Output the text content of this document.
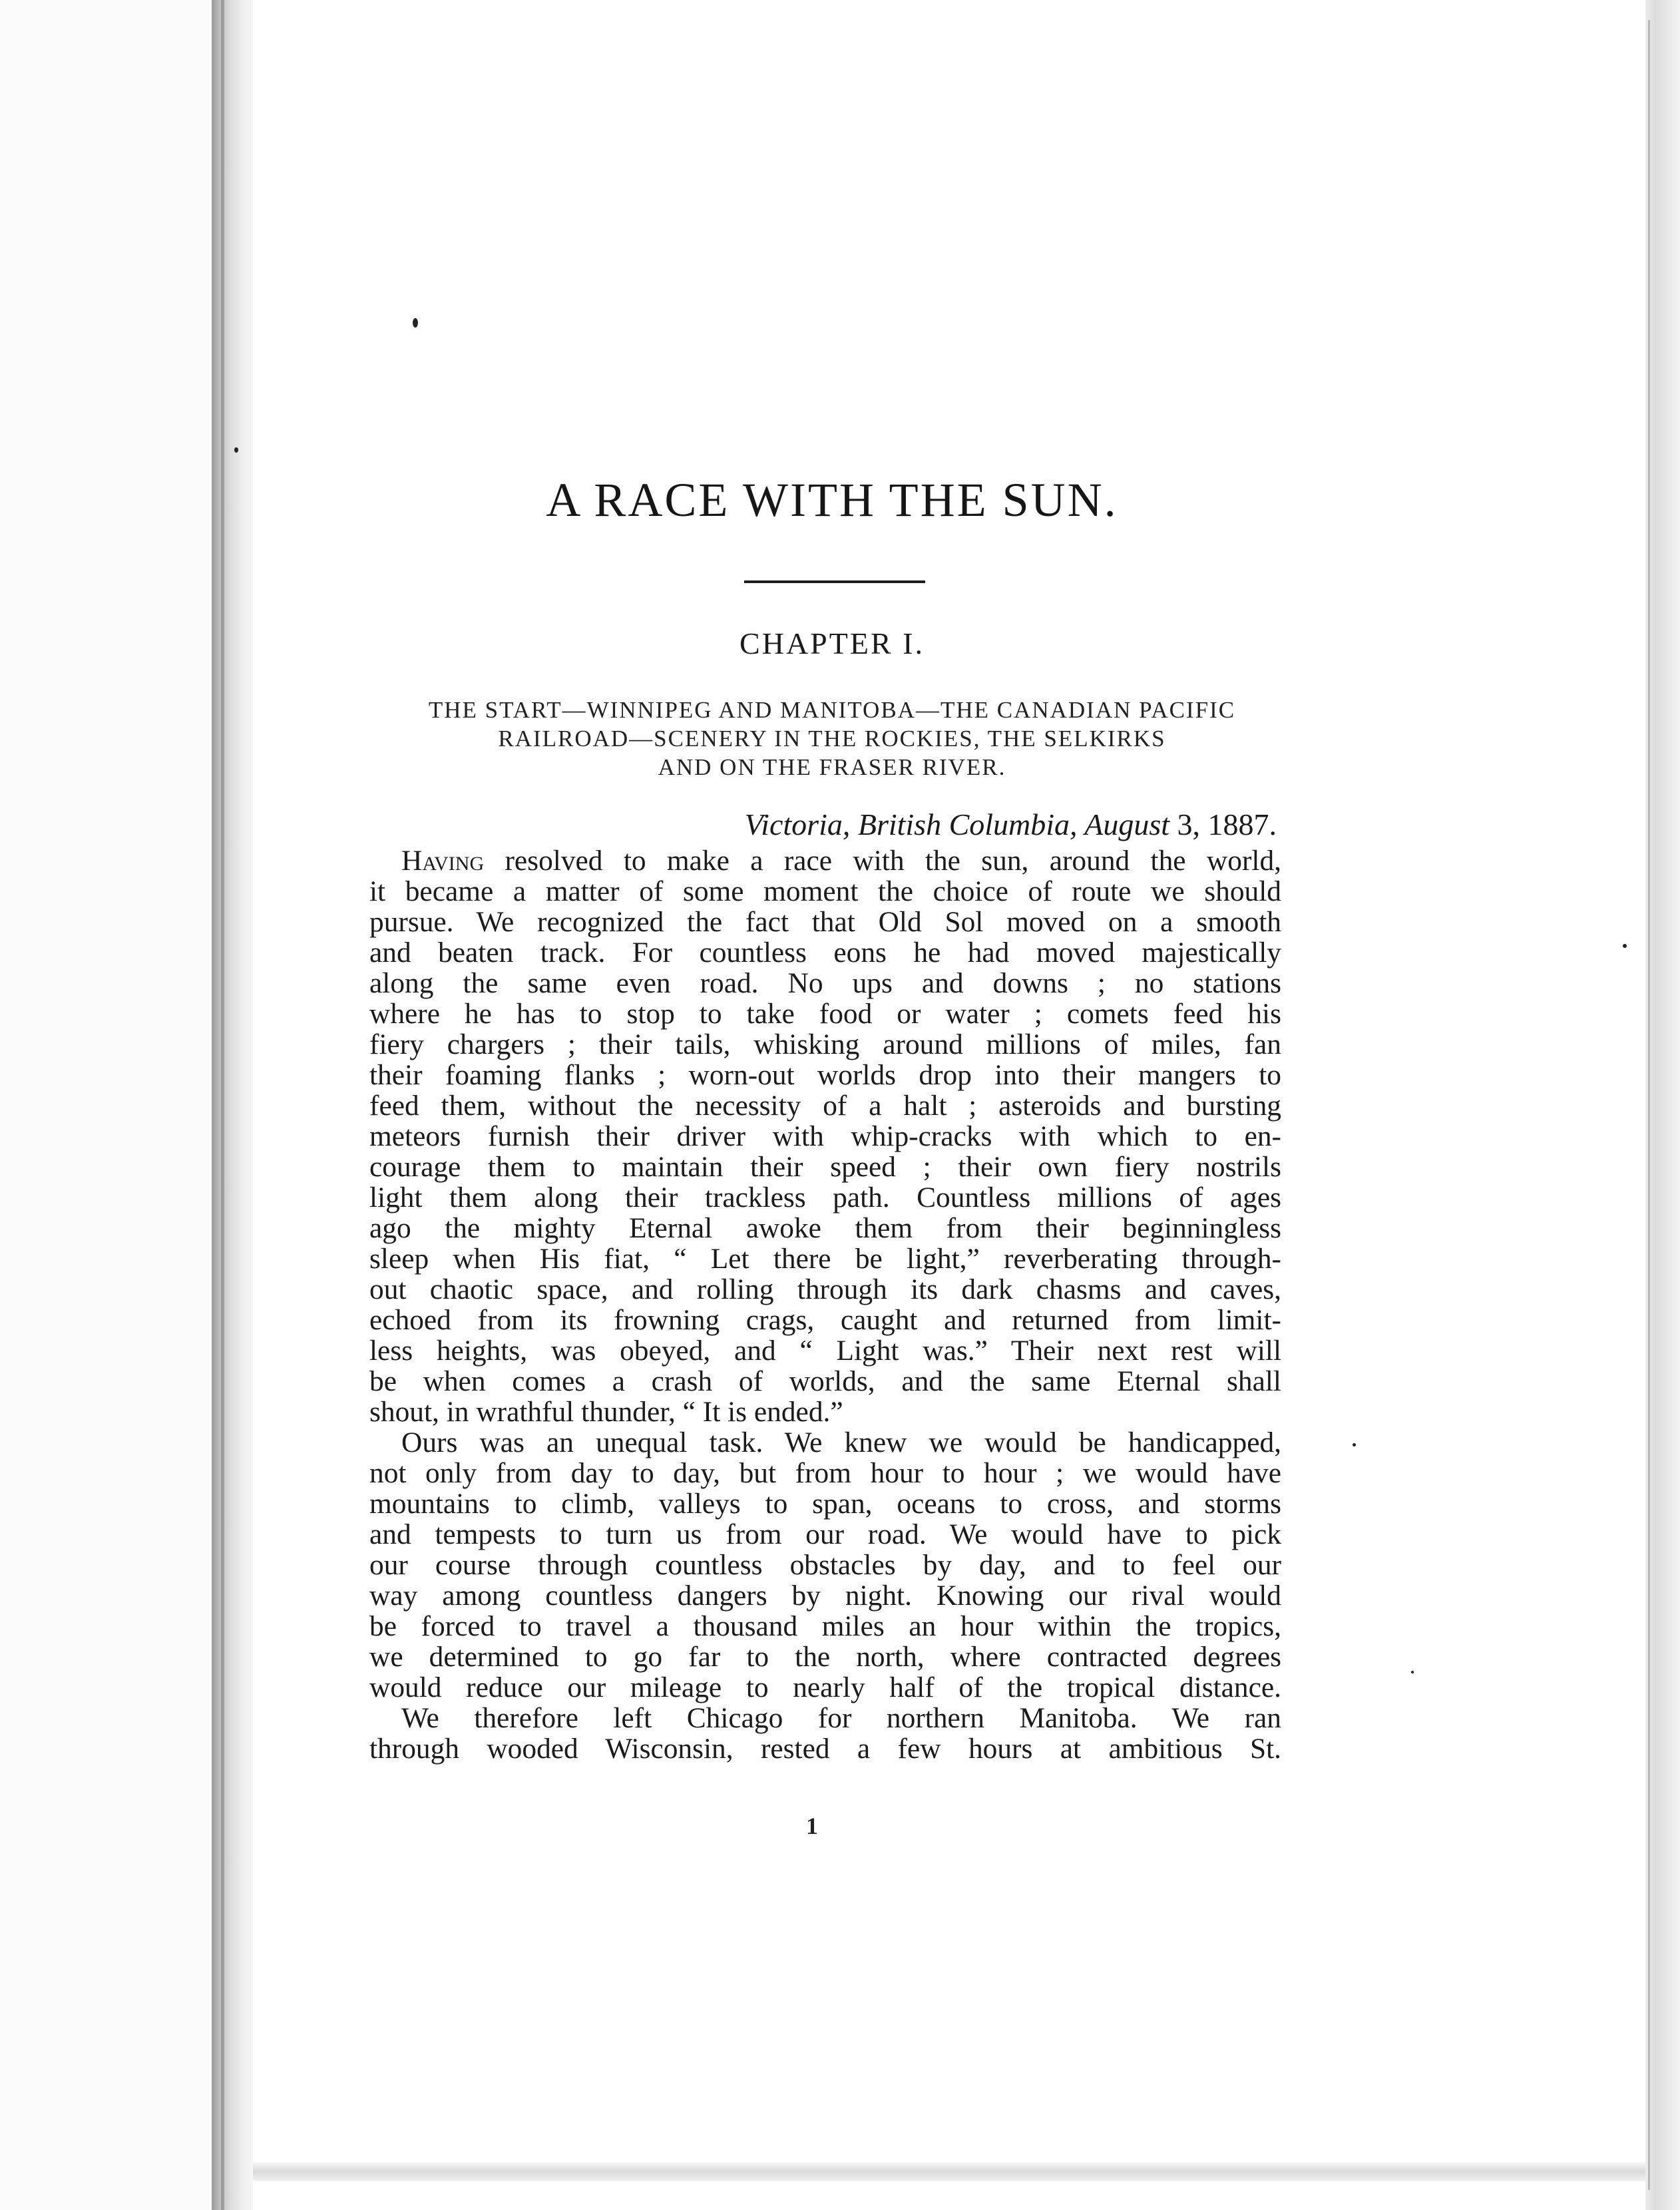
A RACE WITH THE SUN.
CHAPTER I.
THE START—WINNIPEG AND MANITOBA—THE CANADIAN PACIFIC
RAILROAD—SCENERY IN THE ROCKIES, THE SELKIRKS
AND ON THE FRASER RIVER.
Victoria, British Columbia, August 3, 1887.
Having resolved to make a race with the sun, around the world,
it became a matter of some moment the choice of route we should
pursue. We recognized the fact that Old Sol moved on a smooth
and beaten track. For countless eons he had moved majestically
along the same even road. No ups and downs ; no stations
where he has to stop to take food or water ; comets feed his
fiery chargers ; their tails, whisking around millions of miles, fan
their foaming flanks ; worn-out worlds drop into their mangers to
feed them, without the necessity of a halt ; asteroids and bursting
meteors furnish their driver with whip-cracks with which to en-
courage them to maintain their speed ; their own fiery nostrils
light them along their trackless path. Countless millions of ages
ago the mighty Eternal awoke them from their beginningless
sleep when His fiat, “ Let there be light,” reverberating through-
out chaotic space, and rolling through its dark chasms and caves,
echoed from its frowning crags, caught and returned from limit-
less heights, was obeyed, and “ Light was.” Their next rest will
be when comes a crash of worlds, and the same Eternal shall
shout, in wrathful thunder, “ It is ended.”
Ours was an unequal task. We knew we would be handicapped,
not only from day to day, but from hour to hour ; we would have
mountains to climb, valleys to span, oceans to cross, and storms
and tempests to turn us from our road. We would have to pick
our course through countless obstacles by day, and to feel our
way among countless dangers by night. Knowing our rival would
be forced to travel a thousand miles an hour within the tropics,
we determined to go far to the north, where contracted degrees
would reduce our mileage to nearly half of the tropical distance.
We therefore left Chicago for northern Manitoba. We ran
through wooded Wisconsin, rested a few hours at ambitious St.
1
